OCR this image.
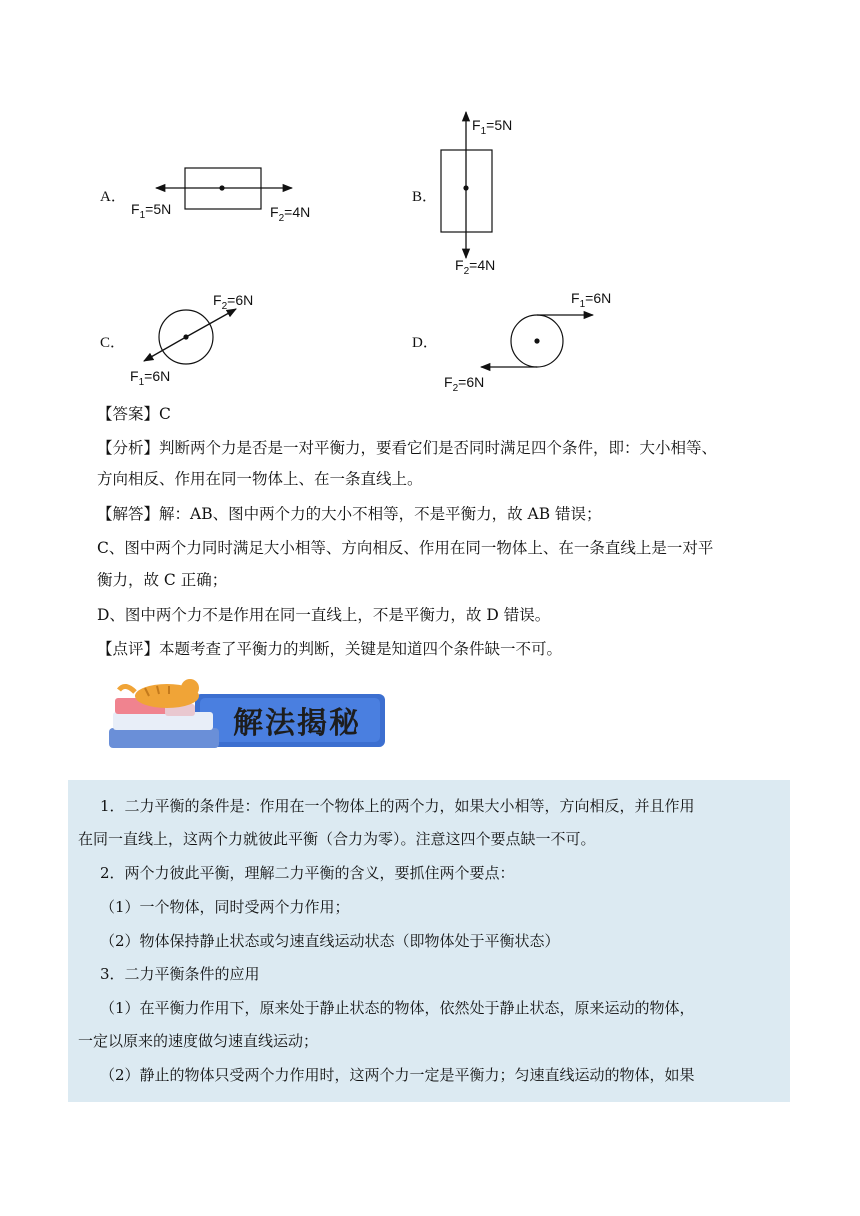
A．	B．
C．	D．
$F_1=5N$	$F_2=4N$
$F_1=5N$
$F_2=4N$
$F_2=6N$
$F_1=6N$
$F_1=6N$
$F_2=6N$
【答案】C
【分析】判断两个力是否是一对平衡力，要看它们是否同时满足四个条件，即：大小相等、
方向相反、作用在同一物体上、在一条直线上。
【解答】解：AB、图中两个力的大小不相等，不是平衡力，故 AB 错误；
C、图中两个力同时满足大小相等、方向相反、作用在同一物体上、在一条直线上是一对平
衡力，故 C 正确；
D、图中两个力不是作用在同一直线上，不是平衡力，故 D 错误。
【点评】本题考查了平衡力的判断，关键是知道四个条件缺一不可。
解法揭秘
1．二力平衡的条件是：作用在一个物体上的两个力，如果大小相等，方向相反，并且作用
在同一直线上，这两个力就彼此平衡（合力为零）。注意这四个要点缺一不可。
2．两个力彼此平衡，理解二力平衡的含义，要抓住两个要点：
（1）一个物体，同时受两个力作用；
（2）物体保持静止状态或匀速直线运动状态（即物体处于平衡状态）
3．二力平衡条件的应用
（1）在平衡力作用下，原来处于静止状态的物体，依然处于静止状态，原来运动的物体，
一定以原来的速度做匀速直线运动；
（2）静止的物体只受两个力作用时，这两个力一定是平衡力；匀速直线运动的物体，如果
